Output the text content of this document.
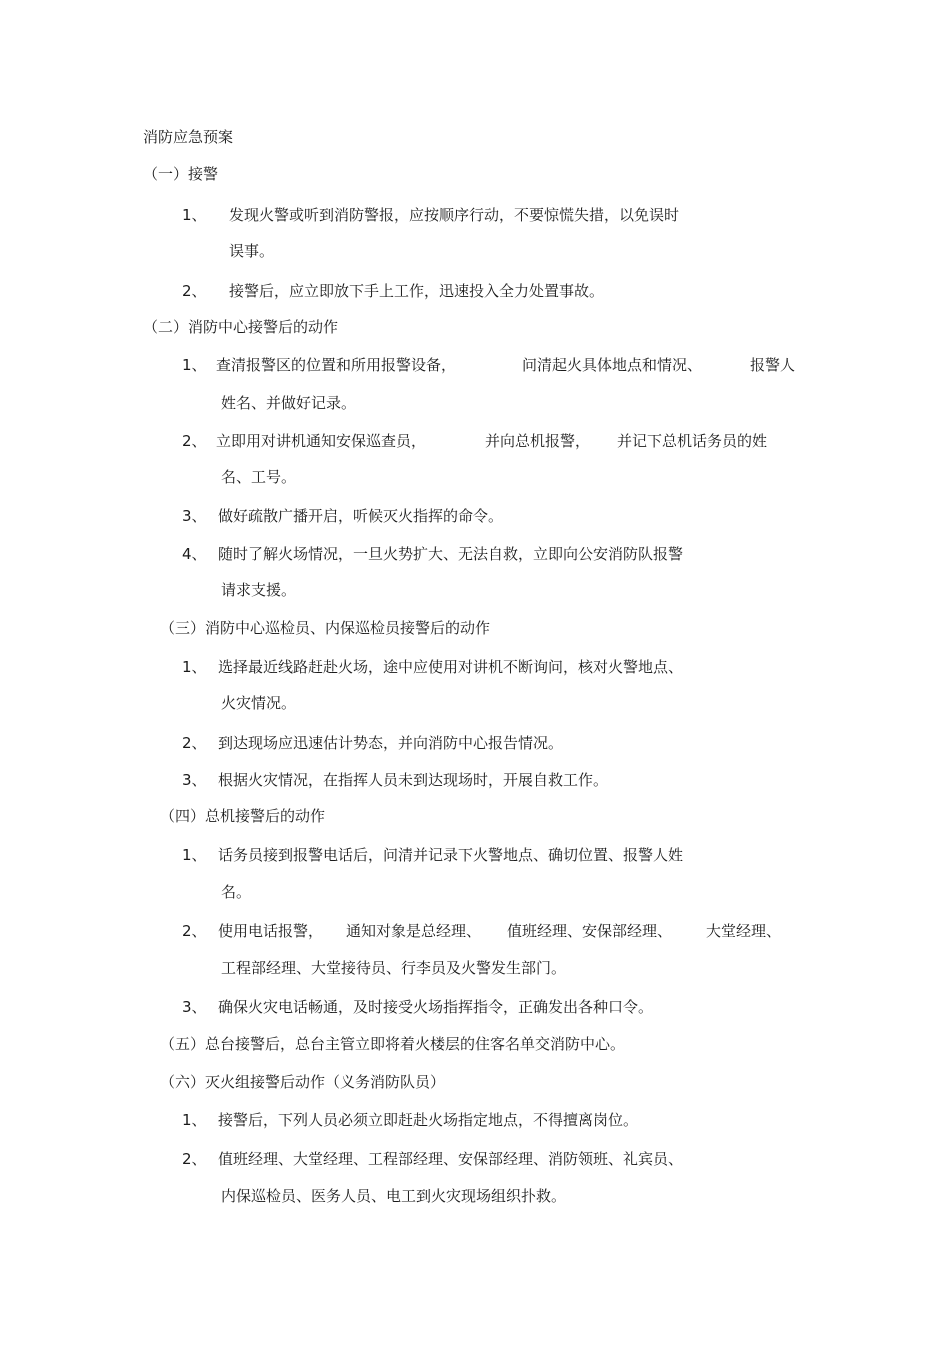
消防应急预案
（一）接警
1、 发现火警或听到消防警报，应按顺序行动，不要惊慌失措，以免误时
误事。
2、 接警后，应立即放下手上工作，迅速投入全力处置事故。
（二）消防中心接警后的动作
1、 查清报警区的位置和所用报警设备，	问清起火具体地点和情况、	报警人
姓名、并做好记录。
2、 立即用对讲机通知安保巡查员，	并向总机报警， 并记下总机话务员的姓
名、工号。
3、 做好疏散广播开启，听候灭火指挥的命令。
4、 随时了解火场情况，一旦火势扩大、无法自救，立即向公安消防队报警
请求支援。
（三）消防中心巡检员、内保巡检员接警后的动作
1、 选择最近线路赶赴火场，途中应使用对讲机不断询问，核对火警地点、
火灾情况。
2、 到达现场应迅速估计势态，并向消防中心报告情况。
3、 根据火灾情况，在指挥人员未到达现场时，开展自救工作。
（四）总机接警后的动作
1、 话务员接到报警电话后，问清并记录下火警地点、确切位置、报警人姓
名。
2、 使用电话报警， 通知对象是总经理、 值班经理、安保部经理、 大堂经理、
工程部经理、大堂接待员、行李员及火警发生部门。
3、 确保火灾电话畅通，及时接受火场指挥指令，正确发出各种口令。
（五）总台接警后，总台主管立即将着火楼层的住客名单交消防中心。
（六）灭火组接警后动作（义务消防队员）
1、 接警后，下列人员必须立即赶赴火场指定地点，不得擅离岗位。
2、 值班经理、大堂经理、工程部经理、安保部经理、消防领班、礼宾员、
内保巡检员、医务人员、电工到火灾现场组织扑救。
